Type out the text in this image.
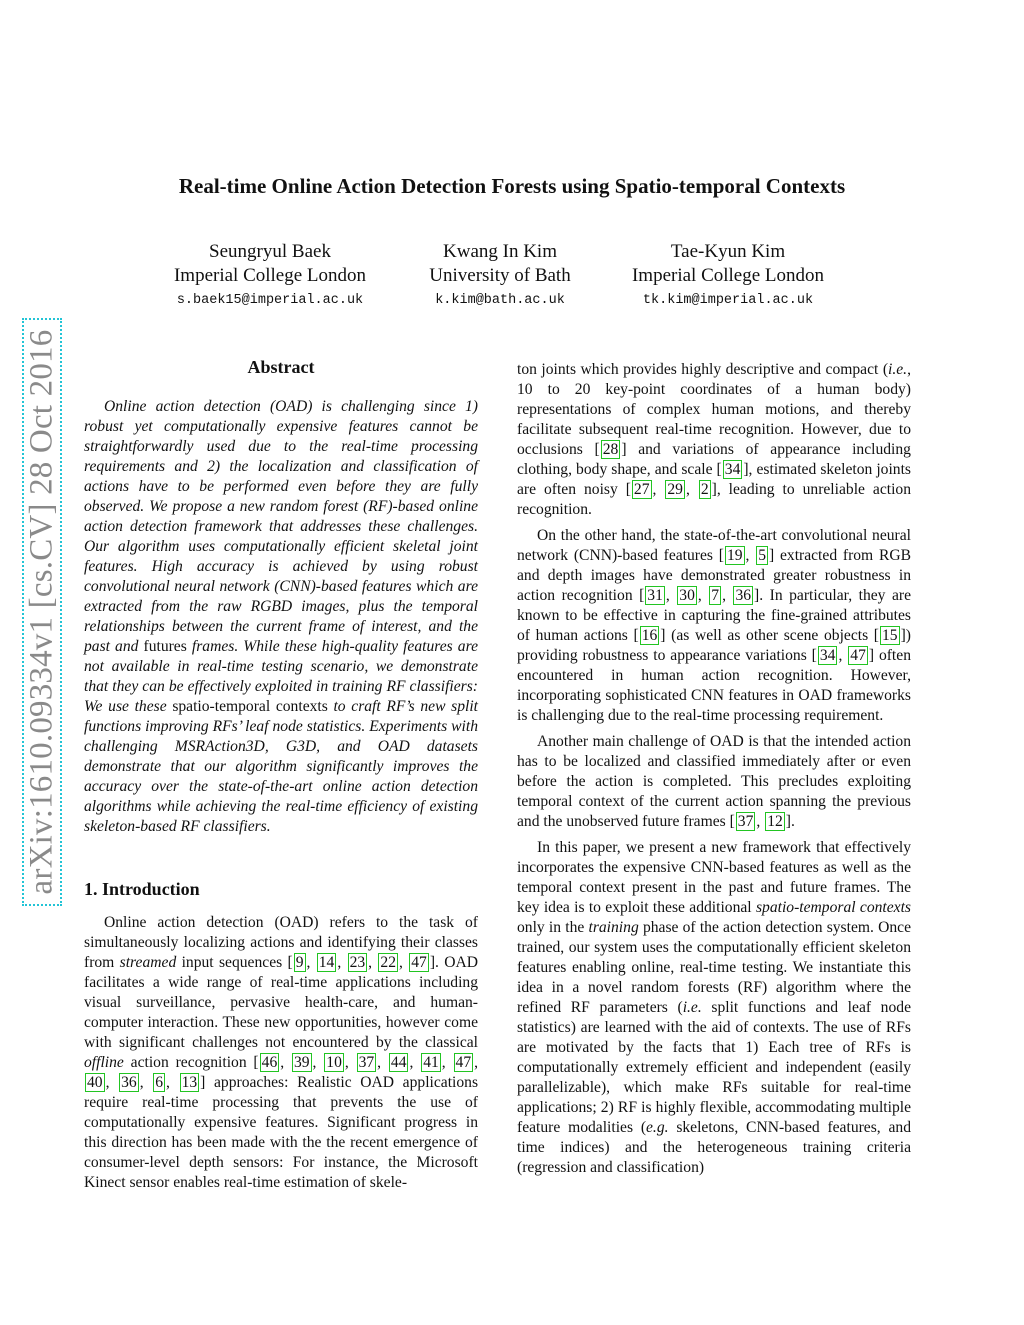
arXiv:1610.09334v1 [cs.CV] 28 Oct 2016
Real-time Online Action Detection Forests using Spatio-temporal Contexts
Seungryul Baek
Imperial College London
s.baek15@imperial.ac.uk
Kwang In Kim
University of Bath
k.kim@bath.ac.uk
Tae-Kyun Kim
Imperial College London
tk.kim@imperial.ac.uk
Abstract

Online action detection (OAD) is challenging since 1) robust yet computationally expensive features cannot be straightforwardly used due to the real-time processing requirements and 2) the localization and classification of actions have to be performed even before they are fully observed. We propose a new random forest (RF)-based online action detection framework that addresses these challenges. Our algorithm uses computationally efficient skeletal joint features. High accuracy is achieved by using robust convolutional neural network (CNN)-based features which are extracted from the raw RGBD images, plus the temporal relationships between the current frame of interest, and the past and futures frames. While these high-quality features are not available in real-time testing scenario, we demonstrate that they can be effectively exploited in training RF classifiers: We use these spatio-temporal contexts to craft RF’s new split functions improving RFs’ leaf node statistics. Experiments with challenging MSRAction3D, G3D, and OAD datasets demonstrate that our algorithm significantly improves the accuracy over the state-of-the-art online action detection algorithms while achieving the real-time efficiency of existing skeleton-based RF classifiers.

1. Introduction

Online action detection (OAD) refers to the task of simultaneously localizing actions and identifying their classes from streamed input sequences [ 9 , 14 , 23 , 22 , 47 ]. OAD facilitates a wide range of real-time applications including visual surveillance, pervasive health-care, and human-computer interaction. These new opportunities, however come with significant challenges not encountered by the classical offline action recognition [ 46 , 39 , 10 , 37 , 44 , 41 , 47 , 40 , 36 , 6 , 13 ] approaches: Realistic OAD applications require real-time processing that prevents the use of computationally expensive features. Significant progress in this direction has been made with the the recent emergence of consumer-level depth sensors: For instance, the Microsoft Kinect sensor enables real-time estimation of skele-

ton joints which provides highly descriptive and compact (i.e., 10 to 20 key-point coordinates of a human body) representations of complex human motions, and thereby facilitate subsequent real-time recognition. However, due to occlusions [ 28 ] and variations of appearance including clothing, body shape, and scale [ 34 ], estimated skeleton joints are often noisy [ 27 , 29 , 2 ], leading to unreliable action recognition.

On the other hand, the state-of-the-art convolutional neural network (CNN)-based features [ 19 , 5 ] extracted from RGB and depth images have demonstrated greater robustness in action recognition [ 31 , 30 , 7 , 36 ]. In particular, they are known to be effective in capturing the fine-grained attributes of human actions [ 16 ] (as well as other scene objects [ 15 ]) providing robustness to appearance variations [ 34 , 47 ] often encountered in human action recognition. However, incorporating sophisticated CNN features in OAD frameworks is challenging due to the real-time processing requirement.

Another main challenge of OAD is that the intended action has to be localized and classified immediately after or even before the action is completed. This precludes exploiting temporal context of the current action spanning the previous and the unobserved future frames [ 37 , 12 ].

In this paper, we present a new framework that effectively incorporates the expensive CNN-based features as well as the temporal context present in the past and future frames. The key idea is to exploit these additional spatio-temporal contexts only in the training phase of the action detection system. Once trained, our system uses the computationally efficient skeleton features enabling online, real-time testing. We instantiate this idea in a novel random forests (RF) algorithm where the refined RF parameters (i.e. split functions and leaf node statistics) are learned with the aid of contexts. The use of RFs are motivated by the facts that 1) Each tree of RFs is computationally extremely efficient and independent (easily parallelizable), which make RFs suitable for real-time applications; 2) RF is highly flexible, accommodating multiple feature modalities (e.g. skeletons, CNN-based features, and time indices) and the heterogeneous training criteria (regression and classification)
